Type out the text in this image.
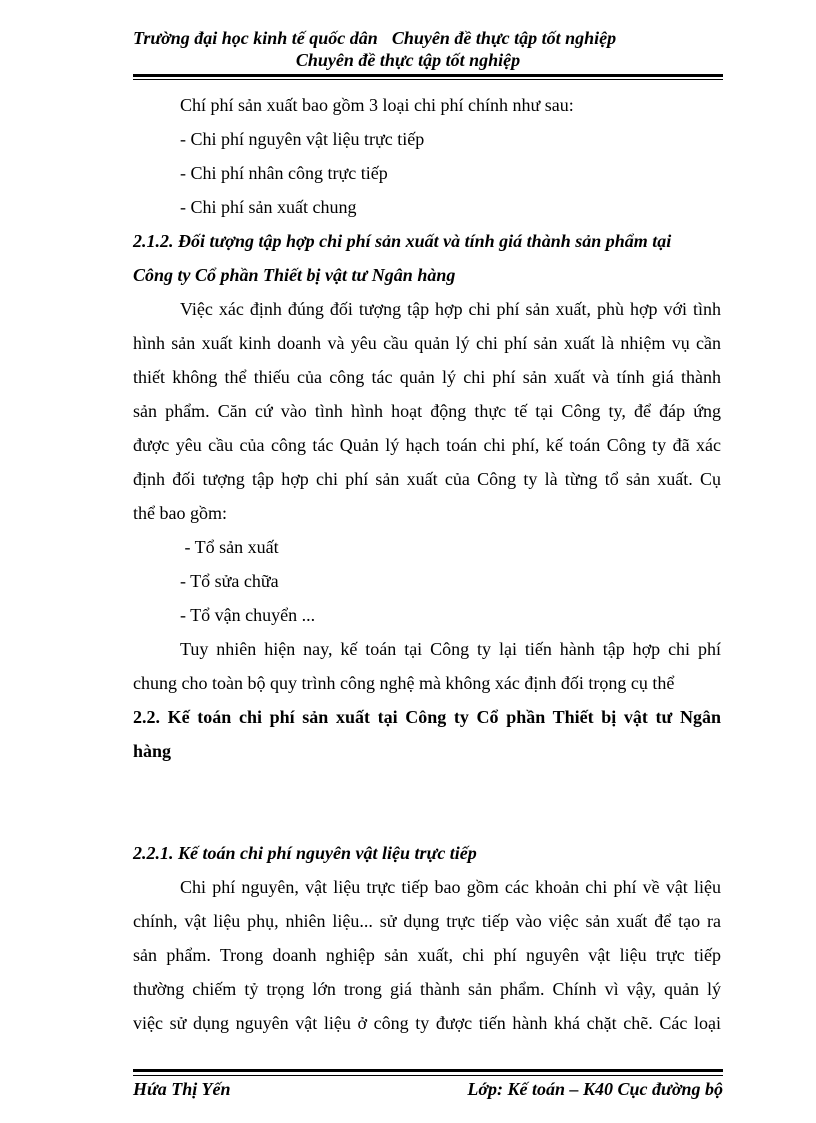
Trường đại học kinh tế quốc dân Chuyên đề thực tập tốt nghiệp
Chuyên đề thực tập tốt nghiệp
Chí phí sản xuất bao gồm 3 loại chi phí chính như sau:
- Chi phí nguyên vật liệu trực tiếp
- Chi phí nhân công trực tiếp
- Chi phí sản xuất chung
2.1.2. Đối tượng tập hợp chi phí sản xuất và tính giá thành sản phẩm tại
Công ty Cổ phần Thiết bị vật tư Ngân hàng
Việc xác định đúng đối tượng tập hợp chi phí sản xuất, phù hợp với tình
hình sản xuất kinh doanh và yêu cầu quản lý chi phí sản xuất là nhiệm vụ cần
thiết không thể thiếu của công tác quản lý chi phí sản xuất và tính giá thành
sản phẩm. Căn cứ vào tình hình hoạt động thực tế tại Công ty, để đáp ứng
được yêu cầu của công tác Quản lý hạch toán chi phí, kế toán Công ty đã xác
định đối tượng tập hợp chi phí sản xuất của Công ty là từng tổ sản xuất. Cụ
thể bao gồm:
- Tổ sản xuất
- Tổ sửa chữa
- Tổ vận chuyển ...
Tuy nhiên hiện nay, kế toán tại Công ty lại tiến hành tập hợp chi phí
chung cho toàn bộ quy trình công nghệ mà không xác định đối trọng cụ thể
2.2. Kế toán chi phí sản xuất tại Công ty Cổ phần Thiết bị vật tư Ngân
hàng
2.2.1. Kế toán chi phí nguyên vật liệu trực tiếp
Chi phí nguyên, vật liệu trực tiếp bao gồm các khoản chi phí về vật liệu
chính, vật liệu phụ, nhiên liệu... sử dụng trực tiếp vào việc sản xuất để tạo ra
sản phẩm. Trong doanh nghiệp sản xuất, chi phí nguyên vật liệu trực tiếp
thường chiếm tỷ trọng lớn trong giá thành sản phẩm. Chính vì vậy, quản lý
việc sử dụng nguyên vật liệu ở công ty được tiến hành khá chặt chẽ. Các loại
Hứa Thị Yến	Lớp: Kế toán – K40 Cục đường bộ
